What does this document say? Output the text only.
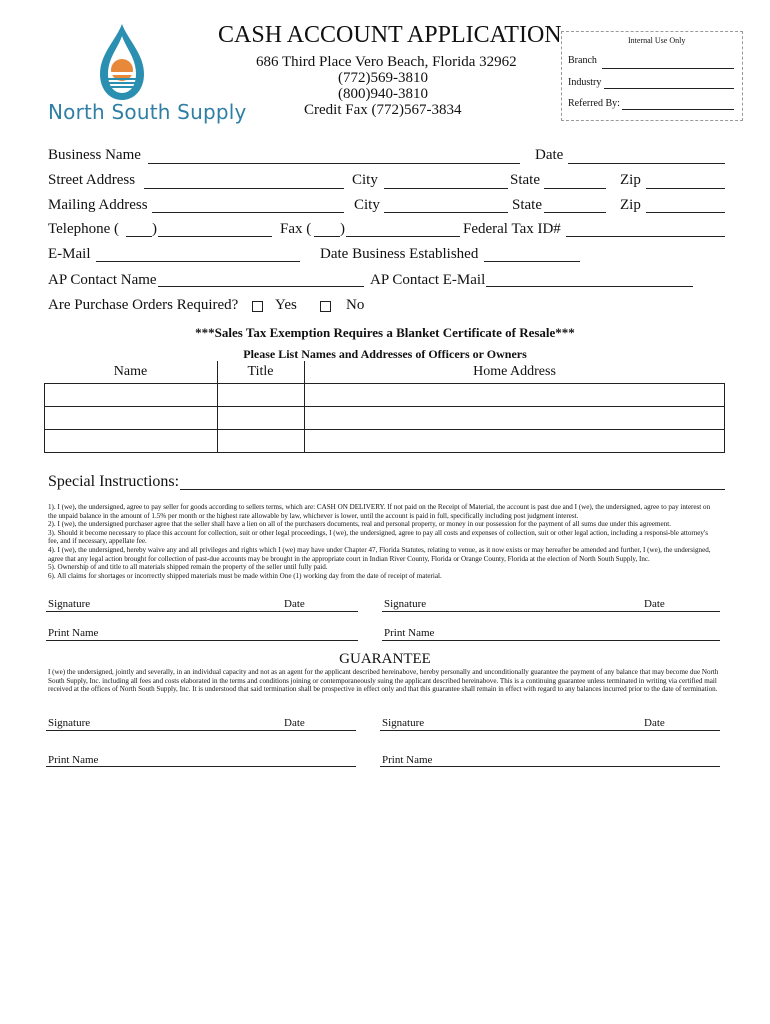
North South Supply
CASH ACCOUNT APPLICATION
686 Third Place Vero Beach, Florida 32962
(772)569-3810
(800)940-3810
Credit Fax (772)567-3834
Internal Use Only
Branch
Industry
Referred By:
Business Name	Date
Street Address	City	State	Zip
Mailing Address	City	State	Zip
Telephone ( )	Fax ( )	Federal Tax ID#
E-Mail	Date Business Established
AP Contact Name	AP Contact E-Mail
Are Purchase Orders Required? Yes	No
***Sales Tax Exemption Requires a Blanket Certificate of Resale***
Please List Names and Addresses of Officers or Owners
Name	Title	Home Address

Special Instructions:
1). I (we), the undersigned, agree to pay seller for goods according to sellers terms, which are: CASH ON DELIVERY. If not paid on the Receipt of Material, the account is past due and I (we), the undersigned, agree to pay interest on the unpaid balance in the amount of 1.5% per month or the highest rate allowable by law, whichever is lower, until the account is paid in full, specifically including post judgment interest.
2). I (we), the undersigned purchaser agree that the seller shall have a lien on all of the purchasers documents, real and personal property, or money in our possession for the payment of all sums due under this agreement.
3). Should it become necessary to place this account for collection, suit or other legal proceedings, I (we), the undersigned, agree to pay all costs and expenses of collection, suit or other legal action, including a responsi-ble attorney's fee, and if necessary, appellate fee.
4). I (we), the undersigned, hereby waive any and all privileges and rights which I (we) may have under Chapter 47, Florida Statutes, relating to venue, as it now exists or may hereafter be amended and further, I (we), the undersigned, agree that any legal action brought for collection of past-due accounts may be brought in the appropriate court in Indian River County, Florida or Orange County, Florida at the election of North South Supply, Inc.
5). Ownership of and title to all materials shipped remain the property of the seller until fully paid.
6). All claims for shortages or incorrectly shipped materials must be made within One (1) working day from the date of receipt of material.
Signature	Date	Signature	Date
Print Name	Print Name
GUARANTEE
I (we) the undersigned, jointly and severally, in an individual capacity and not as an agent for the applicant described hereinabove, hereby personally and unconditionally guarantee the payment of any balance that may become due North South Supply, Inc. including all fees and costs elaborated in the terms and conditions joining or contemporaneously suing the applicant described hereinabove. This is a continuing guarantee unless terminated in writing via certified mail received at the offices of North South Supply, Inc. It is understood that said termination shall be prospective in effect only and that this guarantee shall remain in effect with regard to any balances incurred prior to the date of termination.
Signature	Date	Signature	Date
Print Name	Print Name
